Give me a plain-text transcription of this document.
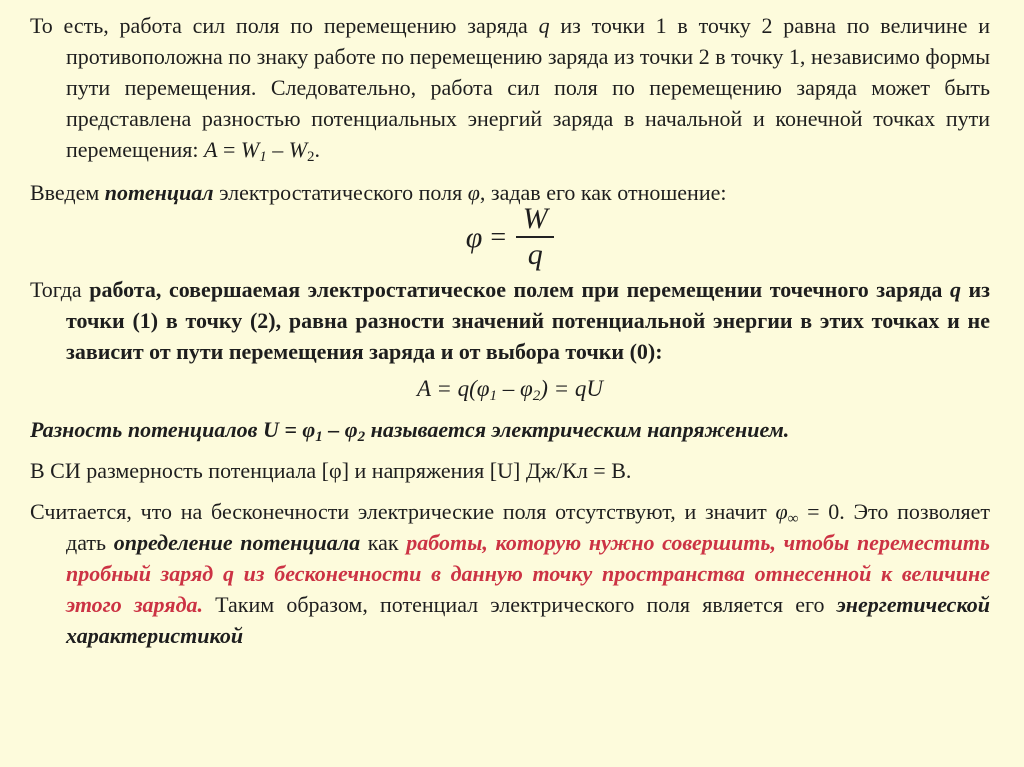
То есть, работа сил поля по перемещению заряда q из точки 1 в точку 2 равна по величине и противоположна по знаку работе по перемещению заряда из точки 2 в точку 1, независимо формы пути перемещения. Следовательно, работа сил поля по перемещению заряда может быть представлена разностью потенциальных энергий заряда в начальной и конечной точках пути перемещения: $A = W_1 - W_2$.

Введем потенциал электростатического поля φ, задав его как отношение:

$\varphi = \frac{W}{q}$

Тогда работа, совершаемая электростатическое полем при перемещении точечного заряда q из точки (1) в точку (2), равна разности значений потенциальной энергии в этих точках и не зависит от пути перемещения заряда и от выбора точки (0):

$A = q(\varphi_1 - \varphi_2)$ = qU

Разность потенциалов $U = \varphi_1 - \varphi_2$ называется электрическим напряжением.

В СИ размерность потенциала [φ] и напряжения [U] Дж/Кл = В.

Считается, что на бесконечности электрические поля отсутствуют, и значит $\varphi_\infty = 0$. Это позволяет дать определение потенциала как работы, которую нужно совершить, чтобы переместить пробный заряд q из бесконечности в данную точку пространства отнесенной к величине этого заряда. Таким образом, потенциал электрического поля является его энергетической характеристикой
